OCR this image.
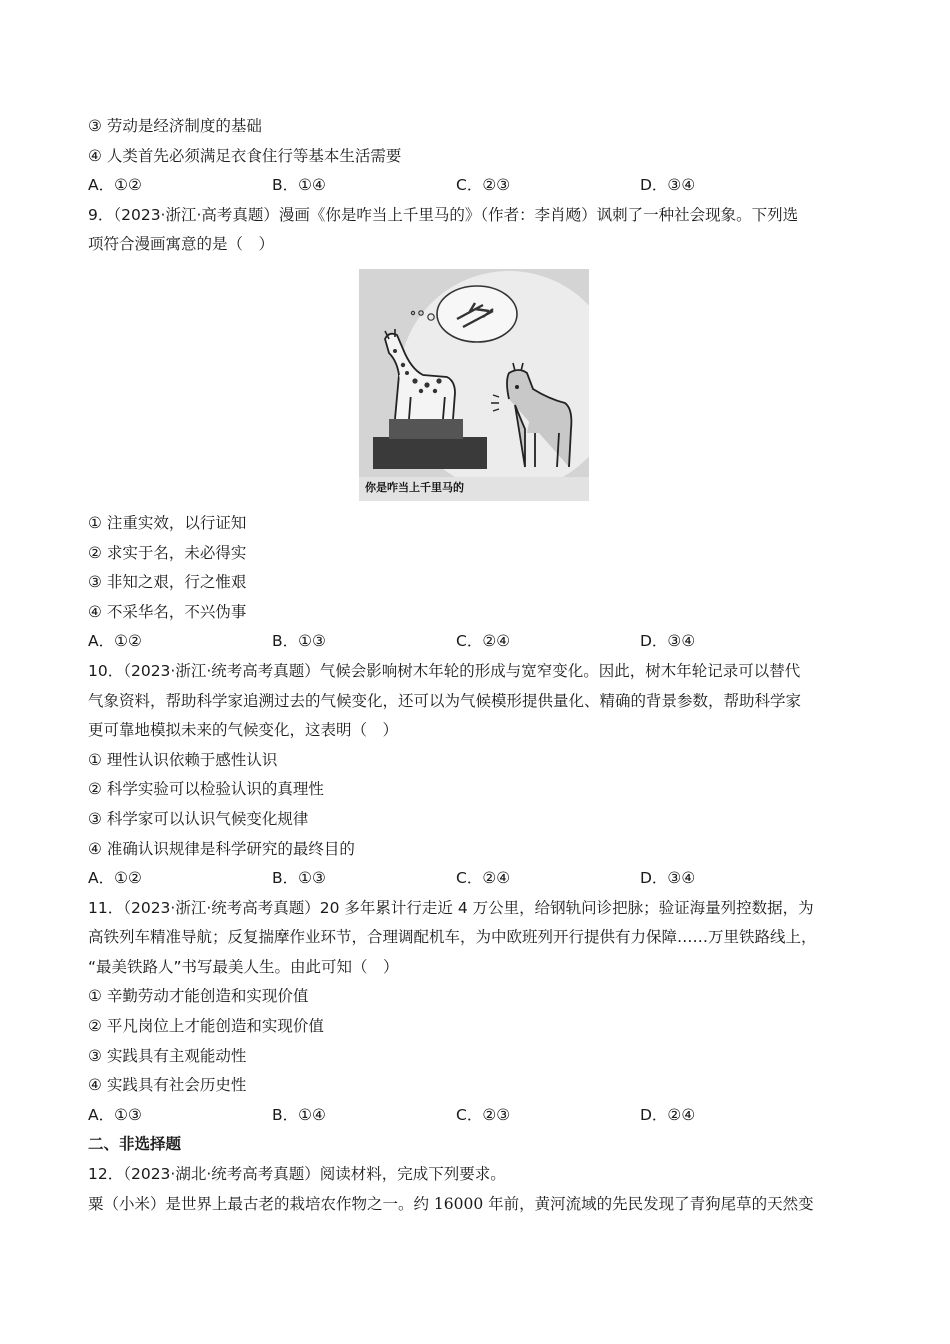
③ 劳动是经济制度的基础
④ 人类首先必须满足衣食住行等基本生活需要
A．①②	B．①④	C．②③	D．③④
9．（2023·浙江·高考真题）漫画《你是咋当上千里马的》（作者：李肖飏）讽刺了一种社会现象。下列选
项符合漫画寓意的是（　）
你是咋当上千里马的
① 注重实效，以行证知
② 求实于名，未必得实
③ 非知之艰，行之惟艰
④ 不采华名，不兴伪事
A．①②	B．①③	C．②④	D．③④
10．（2023·浙江·统考高考真题）气候会影响树木年轮的形成与宽窄变化。因此，树木年轮记录可以替代
气象资料，帮助科学家追溯过去的气候变化，还可以为气候模形提供量化、精确的背景参数，帮助科学家
更可靠地模拟未来的气候变化，这表明（　）
① 理性认识依赖于感性认识
② 科学实验可以检验认识的真理性
③ 科学家可以认识气候变化规律
④ 准确认识规律是科学研究的最终目的
A．①②	B．①③	C．②④	D．③④
11．（2023·浙江·统考高考真题）20 多年累计行走近 4 万公里，给钢轨问诊把脉；验证海量列控数据，为
高铁列车精准导航；反复揣摩作业环节，合理调配机车，为中欧班列开行提供有力保障……万里铁路线上，
“最美铁路人”书写最美人生。由此可知（　）
① 辛勤劳动才能创造和实现价值
② 平凡岗位上才能创造和实现价值
③ 实践具有主观能动性
④ 实践具有社会历史性
A．①③	B．①④	C．②③	D．②④
二、非选择题
12．（2023·湖北·统考高考真题）阅读材料，完成下列要求。
粟（小米）是世界上最古老的栽培农作物之一。约 16000 年前，黄河流域的先民发现了青狗尾草的天然变
